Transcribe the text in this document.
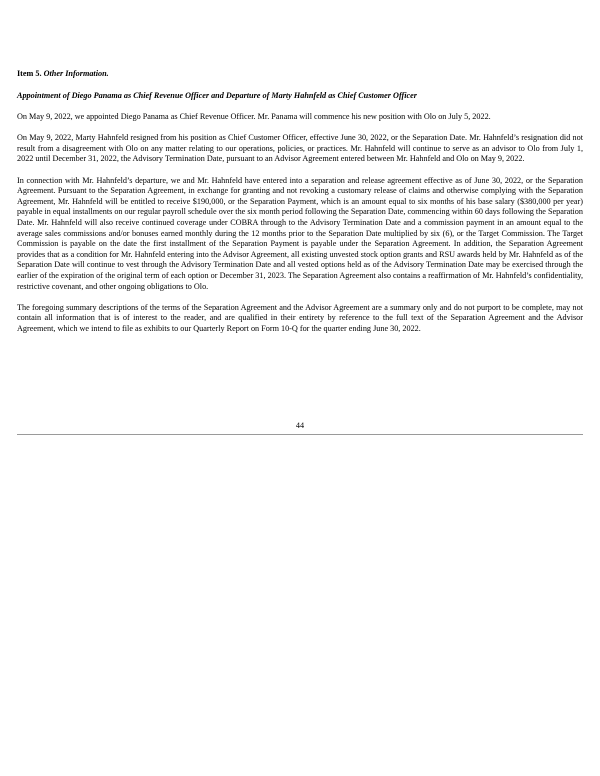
Item 5. Other Information.

Appointment of Diego Panama as Chief Revenue Officer and Departure of Marty Hahnfeld as Chief Customer Officer

On May 9, 2022, we appointed Diego Panama as Chief Revenue Officer. Mr. Panama will commence his new position with Olo on July 5, 2022.

On May 9, 2022, Marty Hahnfeld resigned from his position as Chief Customer Officer, effective June 30, 2022, or the Separation Date. Mr. Hahnfeld’s resignation did not result from a disagreement with Olo on any matter relating to our operations, policies, or practices. Mr. Hahnfeld will continue to serve as an advisor to Olo from July 1, 2022 until December 31, 2022, the Advisory Termination Date, pursuant to an Advisor Agreement entered between Mr. Hahnfeld and Olo on May 9, 2022.

In connection with Mr. Hahnfeld’s departure, we and Mr. Hahnfeld have entered into a separation and release agreement effective as of June 30, 2022, or the Separation Agreement. Pursuant to the Separation Agreement, in exchange for granting and not revoking a customary release of claims and otherwise complying with the Separation Agreement, Mr. Hahnfeld will be entitled to receive $190,000, or the Separation Payment, which is an amount equal to six months of his base salary ($380,000 per year) payable in equal installments on our regular payroll schedule over the six month period following the Separation Date, commencing within 60 days following the Separation Date. Mr. Hahnfeld will also receive continued coverage under COBRA through to the Advisory Termination Date and a commission payment in an amount equal to the average sales commissions and/or bonuses earned monthly during the 12 months prior to the Separation Date multiplied by six (6), or the Target Commission. The Target Commission is payable on the date the first installment of the Separation Payment is payable under the Separation Agreement. In addition, the Separation Agreement provides that as a condition for Mr. Hahnfeld entering into the Advisor Agreement, all existing unvested stock option grants and RSU awards held by Mr. Hahnfeld as of the Separation Date will continue to vest through the Advisory Termination Date and all vested options held as of the Advisory Termination Date may be exercised through the earlier of the expiration of the original term of each option or December 31, 2023. The Separation Agreement also contains a reaffirmation of Mr. Hahnfeld’s confidentiality, restrictive covenant, and other ongoing obligations to Olo.

The foregoing summary descriptions of the terms of the Separation Agreement and the Advisor Agreement are a summary only and do not purport to be complete, may not contain all information that is of interest to the reader, and are qualified in their entirety by reference to the full text of the Separation Agreement and the Advisor Agreement, which we intend to file as exhibits to our Quarterly Report on Form 10-Q for the quarter ending June 30, 2022.

44
